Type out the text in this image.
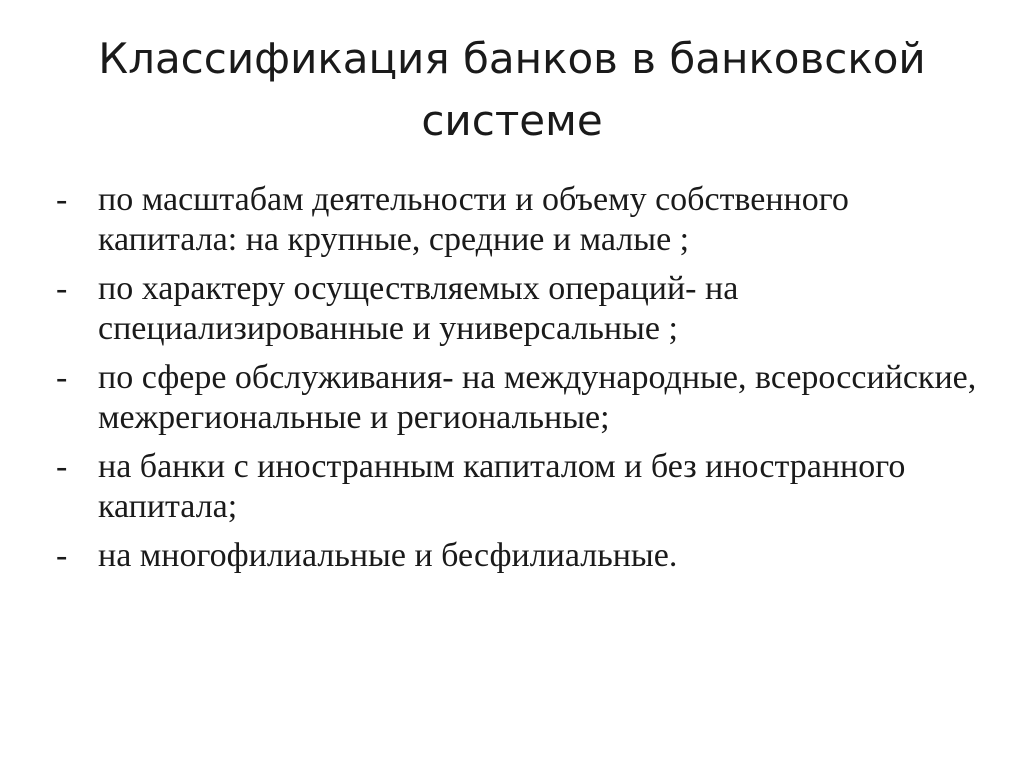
Классификация банков в банковской системе
- по масштабам деятельности и объему собственного капитала: на крупные, средние и малые ;
- по характеру осуществляемых операций- на специализированные и универсальные ;
- по сфере обслуживания- на международные, всероссийские, межрегиональные и региональные;
- на банки с иностранным капиталом и без иностранного капитала;
- на многофилиальные и бесфилиальные.
